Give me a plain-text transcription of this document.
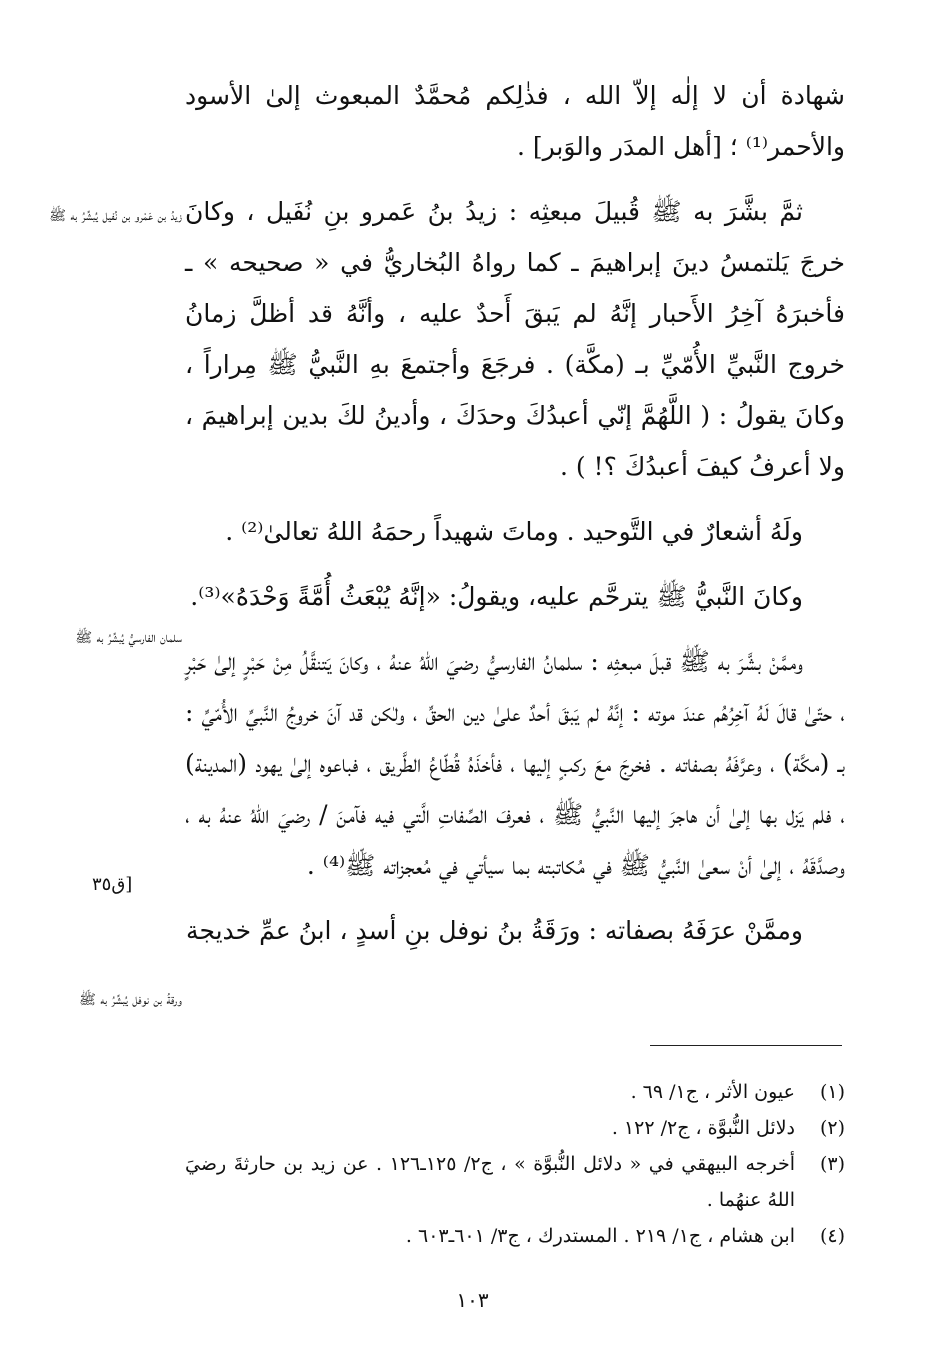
شهادة أن لا إلٰه إلاّ الله ، فذٰلِكم مُحمَّدٌ المبعوث إلىٰ الأسود والأحمر⁽¹⁾ ؛ [أهل المدَر والوَبر] .

ثمَّ بشَّرَ به ﷺ قُبيلَ مبعثِه : زيدُ بنُ عَمرو بنِ نُفَيل ، وكانَ خرجَ يَلتمسُ دينَ إبراهيمَ ـ كما رواهُ البُخاريُّ في « صحيحه » ـ فأخبرَهُ آخِرُ الأَحبار إنَّهُ لم يَبقَ أَحدٌ عليه ، وأنَّهُ قد أظلَّ زمانُ خروج النَّبيِّ الأُمّيِّ بـ (مكَّة) . فرجَعَ وأجتمعَ بهِ النَّبيُّ ﷺ مِراراً ، وكانَ يقولُ : ( اللَّهُمَّ إنّي أعبدُكَ وحدَكَ ، وأدينُ لكَ بدين إبراهيمَ ، ولا أعرفُ كيفَ أعبدُكَ ؟! ) .

ولَهُ أشعارٌ في التَّوحيد . وماتَ شهيداً رحمَهُ اللهُ تعالىٰ⁽²⁾ .

وكانَ النَّبيُّ ﷺ يترحَّم عليه، ويقولُ: «إنَّهُ يُبْعَثُ أُمَّةً وَحْدَهُ»⁽³⁾.

وممَّنْ بشَّرَ به ﷺ قبلَ مبعثِه : سلمانُ الفارسيُّ رضيَ اللهُ عنهُ ، وكانَ يَتنقَّلُ مِنْ حَبْرٍ إلىٰ حَبْرٍ ، حتّىٰ قالَ لَهُ آخِرُهُم عندَ موته : إنَّهُ لم يَبقَ أحدٌ علىٰ دين الحقِّ ، ولٰكن قد آنَ خروجُ النَّبيِّ الأُمّيِّ : بـ (مكَّة) ، وعرَّفَهُ بصفاته . فخرجَ معَ ركبٍ إليها ، فأخذَهُ قُطّاعُ الطَّريق ، فباعوه إلىٰ يهود (المدينة) ، فلم يَزل بها إلىٰ أن هاجرَ إليها النَّبيُّ ﷺ ، فعرفَ الصِّفاتِ الَّتي فيه فآمنَ / رضيَ اللهُ عنهُ به ، وصدَّقَهُ ، إلىٰ أنْ سعىٰ النَّبيُّ ﷺ في مُكاتبته بما سيأتي في مُعجزاته ﷺ⁽⁴⁾ .

وممَّنْ عرَفَهُ بصفاته : ورَقَةُ بنُ نوفل بنِ أسدٍ ، ابنُ عمِّ خديجة

زيدُ بن عَمْرو بن نُفيل يُبشِّرُ به ﷺ
سلمان الفارسيُّ يُبشِّرُ به ﷺ
ورقةُ بن نوفل يُبشِّرُ به ﷺ
[ق٣٥
(١)
عيون الأثر ، ج١/ ٦٩ .
(٢)
دلائل النُّبوَّة ، ج٢/ ١٢٢ .
(٣)
أخرجه البيهقي في « دلائل النُّبوَّة » ، ج٢/ ١٢٥ـ١٢٦ . عن زيد بن حارثةَ رضيَ اللهُ عنهُما .
(٤)
ابن هشام ، ج١/ ٢١٩ . المستدرك ، ج٣/ ٦٠١ـ٦٠٣ .
١٠٣
